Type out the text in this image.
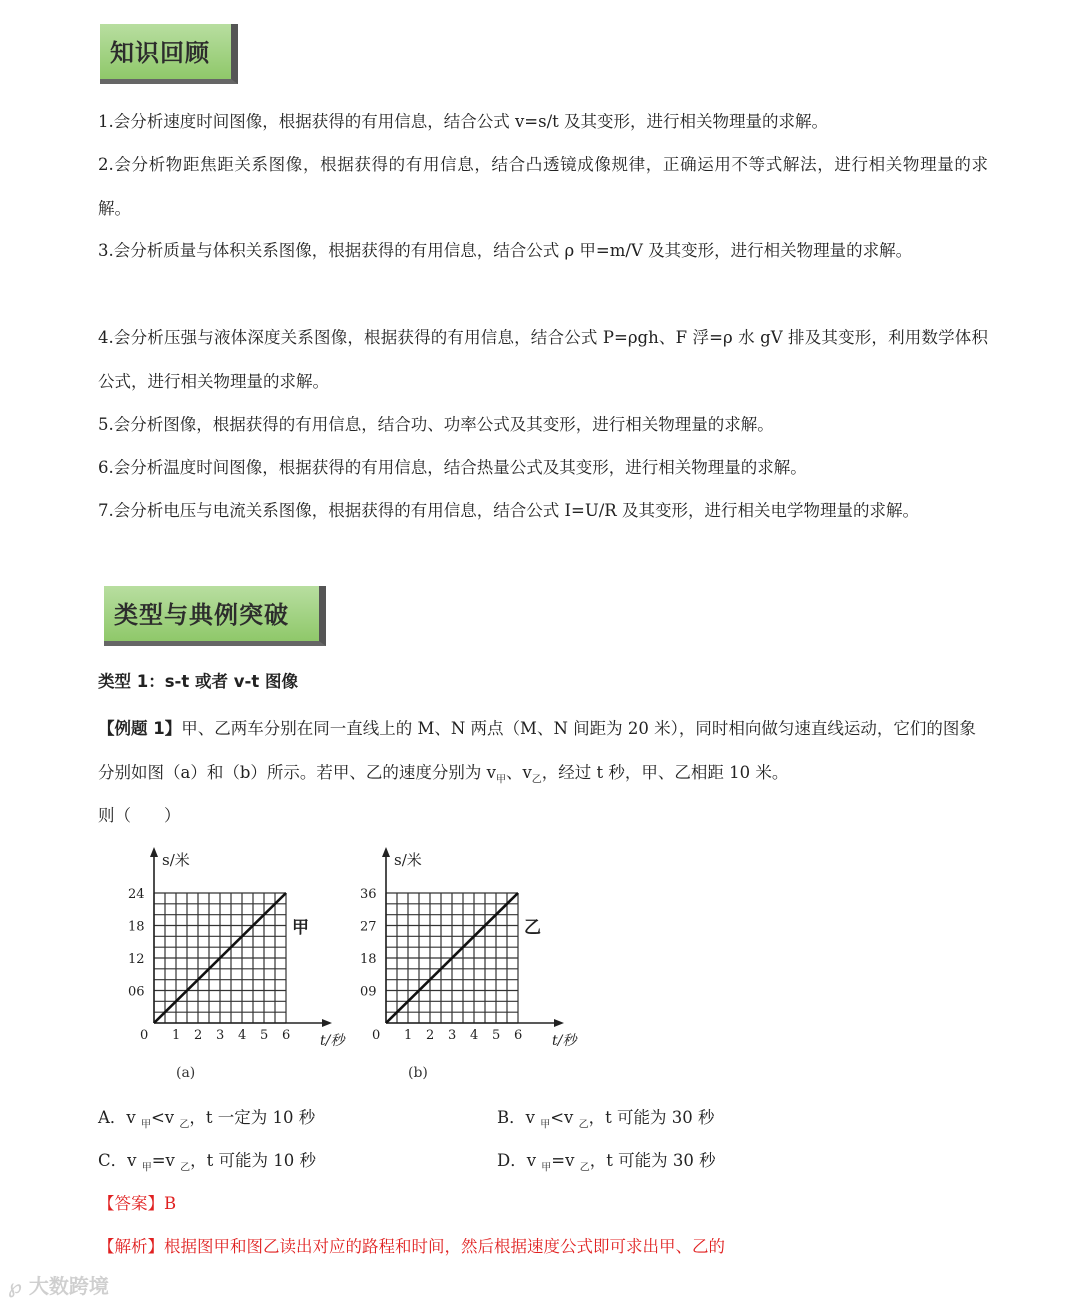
知识回顾

1.会分析速度时间图像，根据获得的有用信息，结合公式 v=s/t 及其变形，进行相关物理量的求解。

2.会分析物距焦距关系图像，根据获得的有用信息，结合凸透镜成像规律，正确运用不等式解法，进行相关物理量的求解。

3.会分析质量与体积关系图像，根据获得的有用信息，结合公式 ρ 甲=m/V 及其变形，进行相关物理量的求解。

4.会分析压强与液体深度关系图像，根据获得的有用信息，结合公式 P=ρgh、F 浮=ρ 水 gV 排及其变形，利用数学体积公式，进行相关物理量的求解。

5.会分析图像，根据获得的有用信息，结合功、功率公式及其变形，进行相关物理量的求解。

6.会分析温度时间图像，根据获得的有用信息，结合热量公式及其变形，进行相关物理量的求解。

7.会分析电压与电流关系图像，根据获得的有用信息，结合公式 I=U/R 及其变形，进行相关电学物理量的求解。

类型与典例突破

类型 1：s-t 或者 v-t 图像

【例题 1】甲、乙两车分别在同一直线上的 M、N 两点（M、N 间距为 20 米），同时相向做匀速直线运动，它们的图象分别如图（a）和（b）所示。若甲、乙的速度分别为 $v_甲$、$v_乙$，经过 t 秒，甲、乙相距 10 米。

则（　　）

s/米
t/秒
0 1 2 3 4 5 6
06
12
18
24
甲
(a)
s/米
t/秒
0 1 2 3 4 5 6
09
18
27
36
乙
(b)

A．v $_甲$<v $_乙$，t 一定为 10 秒	B．v $_甲$<v $_乙$，t 可能为 30 秒

C．v $_甲$=v $_乙$，t 可能为 10 秒	D．v $_甲$=v $_乙$，t 可能为 30 秒

【答案】B

【解析】根据图甲和图乙读出对应的路程和时间，然后根据速度公式即可求出甲、乙的

℘ 大数跨境
